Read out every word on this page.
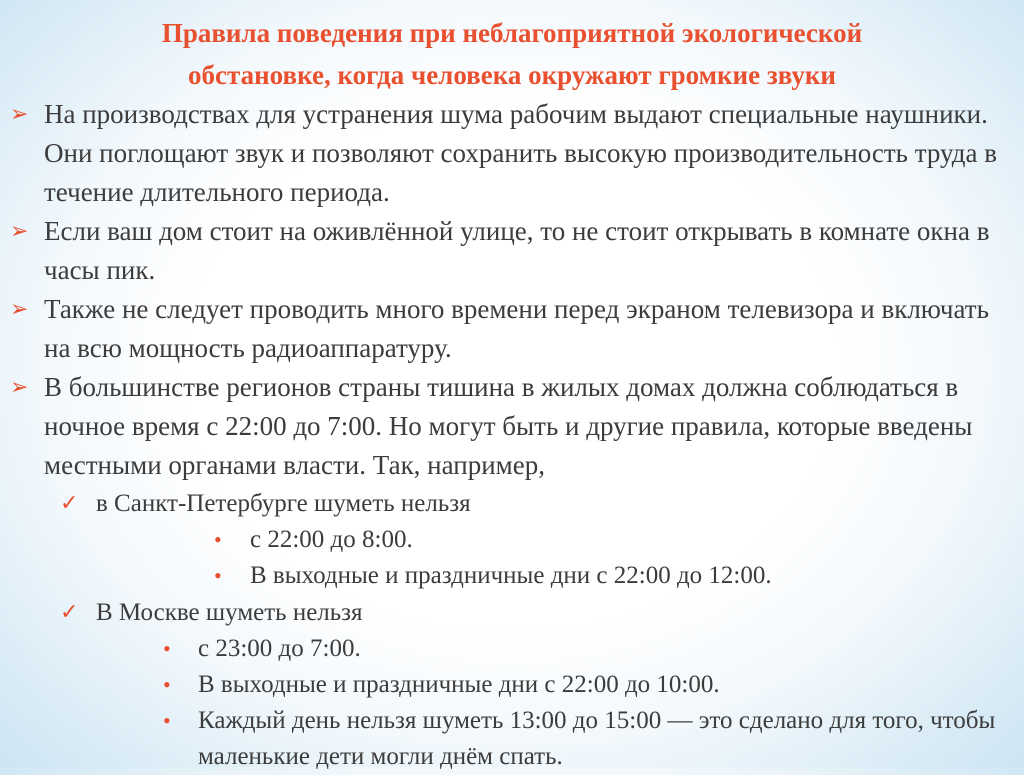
Правила поведения при неблагоприятной экологической
обстановке, когда человека окружают громкие звуки
➢ На производствах для устранения шума рабочим выдают специальные наушники. Они поглощают звук и позволяют сохранить высокую производительность труда в течение длительного периода.
➢ Если ваш дом стоит на оживлённой улице, то не стоит открывать в комнате окна в часы пик.
➢ Также не следует проводить много времени перед экраном телевизора и включать на всю мощность радиоаппаратуру.
➢ В большинстве регионов страны тишина в жилых домах должна соблюдаться в ночное время с 22:00 до 7:00. Но могут быть и другие правила, которые введены местными органами власти. Так, например,
✓ в Санкт-Петербурге шуметь нельзя
• с 22:00 до 8:00.
• В выходные и праздничные дни с 22:00 до 12:00.
✓ В Москве шуметь нельзя
• с 23:00 до 7:00.
• В выходные и праздничные дни с 22:00 до 10:00.
• Каждый день нельзя шуметь 13:00 до 15:00 — это сделано для того, чтобы маленькие дети могли днём спать.
